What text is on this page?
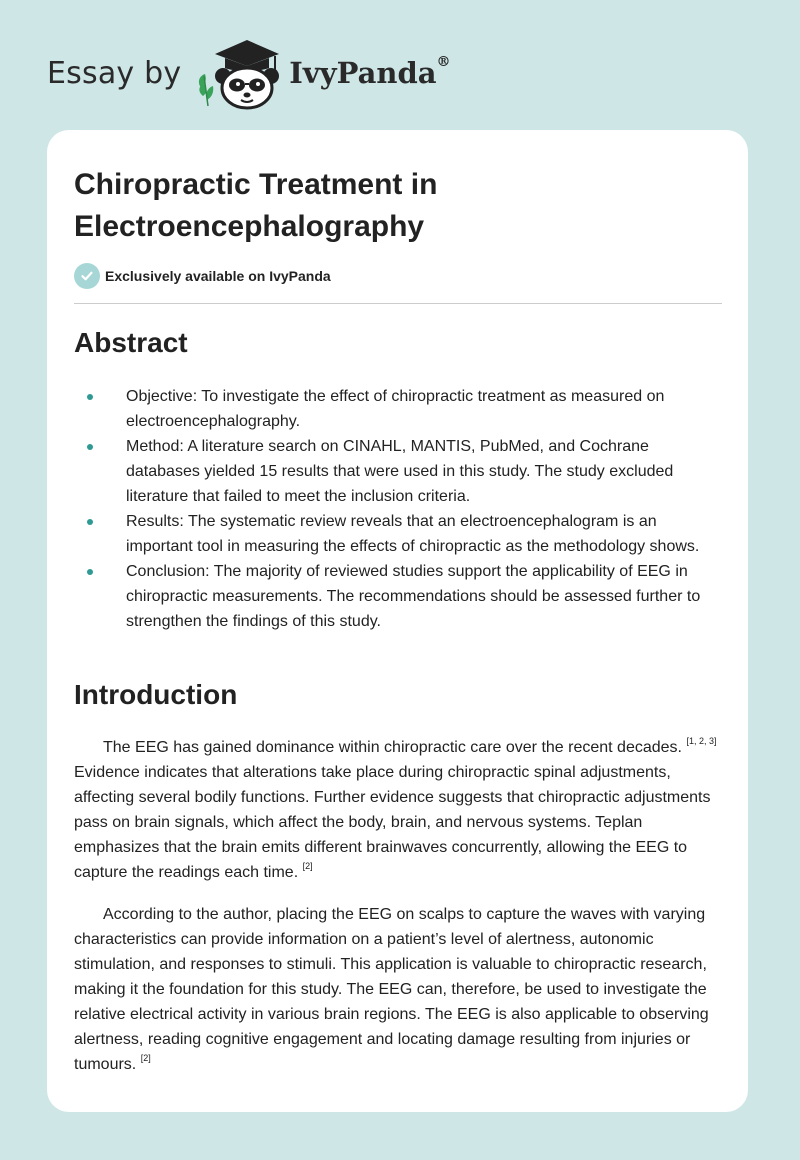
Essay by	IvyPanda®
Chiropractic Treatment in Electroencephalography
Exclusively available on IvyPanda
Abstract
Objective: To investigate the effect of chiropractic treatment as measured on electroencephalography.
Method: A literature search on CINAHL, MANTIS, PubMed, and Cochrane databases yielded 15 results that were used in this study. The study excluded literature that failed to meet the inclusion criteria.
Results: The systematic review reveals that an electroencephalogram is an important tool in measuring the effects of chiropractic as the methodology shows.
Conclusion: The majority of reviewed studies support the applicability of EEG in chiropractic measurements. The recommendations should be assessed further to strengthen the findings of this study.
Introduction

The EEG has gained dominance within chiropractic care over the recent decades. [1, 2, 3] Evidence indicates that alterations take place during chiropractic spinal adjustments, affecting several bodily functions. Further evidence suggests that chiropractic adjustments pass on brain signals, which affect the body, brain, and nervous systems. Teplan emphasizes that the brain emits different brainwaves concurrently, allowing the EEG to capture the readings each time. [2]

According to the author, placing the EEG on scalps to capture the waves with varying characteristics can provide information on a patient’s level of alertness, autonomic stimulation, and responses to stimuli. This application is valuable to chiropractic research, making it the foundation for this study. The EEG can, therefore, be used to investigate the relative electrical activity in various brain regions. The EEG is also applicable to observing alertness, reading cognitive engagement and locating damage resulting from injuries or tumours. [2]
